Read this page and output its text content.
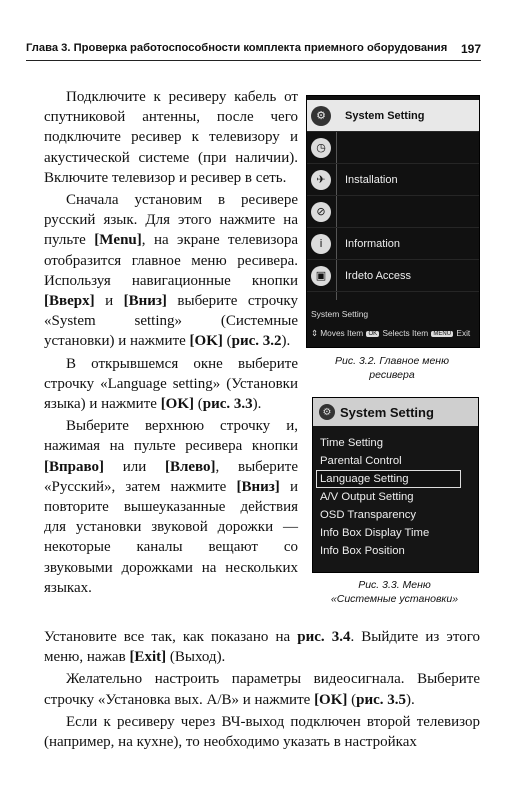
Глава 3. Проверка работоспособности комплекта приемного оборудования 197

Подключите к ресиверу кабель от спутниковой антенны, после чего подключите ресивер к телевизору и акустической системе (при наличии). Включите телевизор и ресивер в сеть.

Сначала установим в ресивере русский язык. Для этого нажмите на пульте [Menu], на экране телевизора отобразится главное меню ресивера. Используя навигационные кнопки [Вверх] и [Вниз] выберите строчку «System setting» (Системные установки) и нажмите [OK] (рис. 3.2).

В открывшемся окне выберите строчку «Language setting» (Установки языка) и нажмите [OK] (рис. 3.3).

Выберите верхнюю строчку и, нажимая на пульте ресивера кнопки [Вправо] или [Влево], выберите «Русский», затем нажмите [Вниз] и повторите вышеуказанные действия для установки звуковой дорожки — некоторые каналы вещают со звуковыми дорожками на нескольких языках.

⚙	System Setting
◷
✈	Installation
⊘
i	Information
▣	Irdeto Access
System Setting
⇕ Moves Item OK Selects Item MENU Exit
Рис. 3.2. Главное меню
ресивера
⚙ System Setting
Time Setting
Parental Control
Language Setting
A/V Output Setting
OSD Transparency
Info Box Display Time
Info Box Position
Рис. 3.3. Меню
«Системные установки»

Установите все так, как показано на рис. 3.4. Выйдите из этого меню, нажав [Exit] (Выход).

Желательно настроить параметры видеосигнала. Выберите строчку «Установка вых. А/В» и нажмите [OK] (рис. 3.5).

Если к ресиверу через ВЧ-выход подключен второй телевизор (например, на кухне), то необходимо указать в настройках
